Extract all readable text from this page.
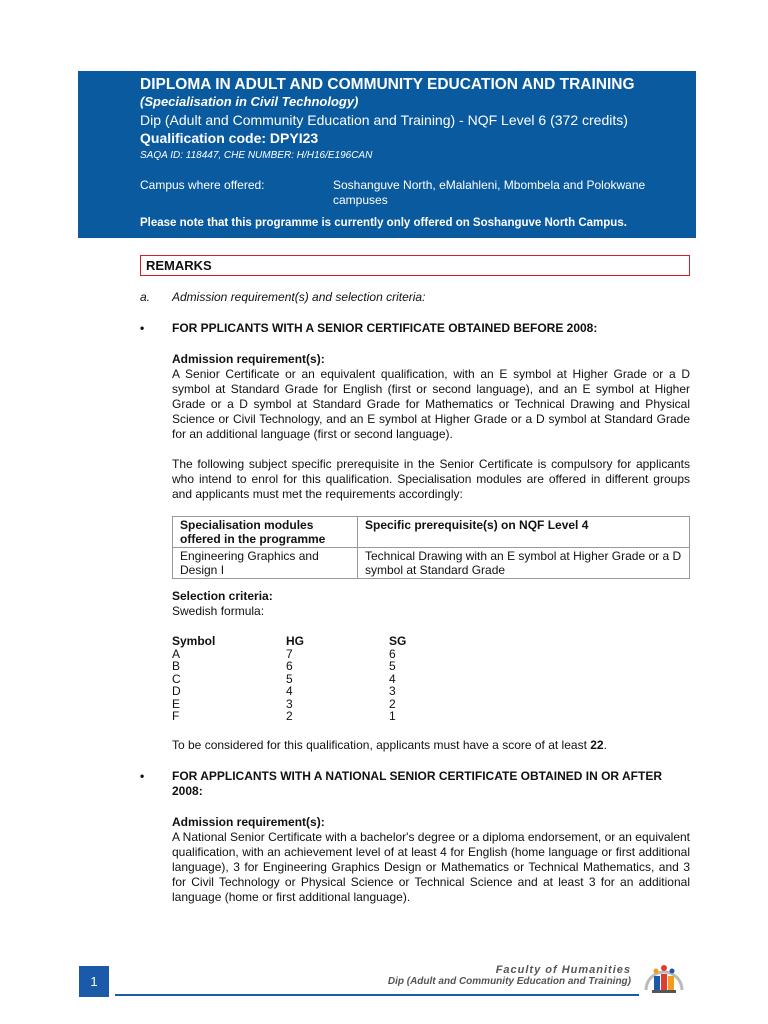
DIPLOMA IN ADULT AND COMMUNITY EDUCATION AND TRAINING
(Specialisation in Civil Technology)
Dip (Adult and Community Education and Training) - NQF Level 6 (372 credits)
Qualification code: DPYI23
SAQA ID: 118447, CHE NUMBER: H/H16/E196CAN
Campus where offered:	Soshanguve North, eMalahleni, Mbombela and Polokwane campuses
Please note that this programme is currently only offered on Soshanguve North Campus.
REMARKS
a.	Admission requirement(s) and selection criteria:
•	FOR PPLICANTS WITH A SENIOR CERTIFICATE OBTAINED BEFORE 2008:
Admission requirement(s):
A Senior Certificate or an equivalent qualification, with an E symbol at Higher Grade or a D symbol at Standard Grade for English (first or second language), and an E symbol at Higher Grade or a D symbol at Standard Grade for Mathematics or Technical Drawing and Physical Science or Civil Technology, and an E symbol at Higher Grade or a D symbol at Standard Grade for an additional language (first or second language).
The following subject specific prerequisite in the Senior Certificate is compulsory for applicants who intend to enrol for this qualification. Specialisation modules are offered in different groups and applicants must met the requirements accordingly:
Specialisation modules offered in the programme	Specific prerequisite(s) on NQF Level 4
Engineering Graphics and Design I	Technical Drawing with an E symbol at Higher Grade or a D symbol at Standard Grade
Selection criteria:
Swedish formula:
Symbol	HG	SG
A	7	6
B	6	5
C	5	4
D	4	3
E	3	2
F	2	1
To be considered for this qualification, applicants must have a score of at least 22.
•	FOR APPLICANTS WITH A NATIONAL SENIOR CERTIFICATE OBTAINED IN OR AFTER 2008:
Admission requirement(s):
A National Senior Certificate with a bachelor's degree or a diploma endorsement, or an equivalent qualification, with an achievement level of at least 4 for English (home language or first additional language), 3 for Engineering Graphics Design or Mathematics or Technical Mathematics, and 3 for Civil Technology or Physical Science or Technical Science and at least 3 for an additional language (home or first additional language).
1
Faculty of Humanities
Dip (Adult and Community Education and Training)
